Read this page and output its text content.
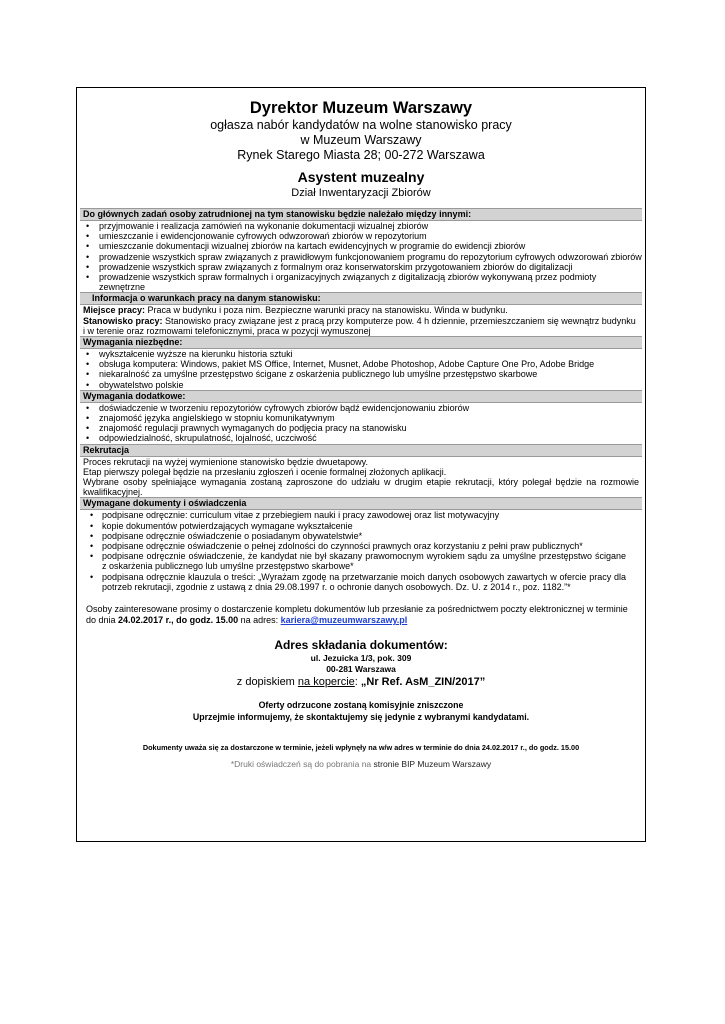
Dyrektor Muzeum Warszawy
ogłasza nabór kandydatów na wolne stanowisko pracy
w Muzeum Warszawy
Rynek Starego Miasta 28; 00-272 Warszawa
Asystent muzealny
Dział Inwentaryzacji Zbiorów
Do głównych zadań osoby zatrudnionej na tym stanowisku będzie należało między innymi:
• przyjmowanie i realizacja zamówień na wykonanie dokumentacji wizualnej zbiorów
• umieszczanie i ewidencjonowanie cyfrowych odwzorowań zbiorów w repozytorium
• umieszczanie dokumentacji wizualnej zbiorów na kartach ewidencyjnych w programie do ewidencji zbiorów
• prowadzenie wszystkich spraw związanych z prawidłowym funkcjonowaniem programu do repozytorium cyfrowych odwzorowań zbiorów
• prowadzenie wszystkich spraw związanych z formalnym oraz konserwatorskim przygotowaniem zbiorów do digitalizacji
• prowadzenie wszystkich spraw formalnych i organizacyjnych związanych z digitalizacją zbiorów wykonywaną przez podmioty zewnętrzne
Informacja o warunkach pracy na danym stanowisku:
Miejsce pracy: Praca w budynku i poza nim. Bezpieczne warunki pracy na stanowisku. Winda w budynku.
Stanowisko pracy: Stanowisko pracy związane jest z pracą przy komputerze pow. 4 h dziennie, przemieszczaniem się wewnątrz budynku i w terenie oraz rozmowami telefonicznymi, praca w pozycji wymuszonej
Wymagania niezbędne:
• wykształcenie wyższe na kierunku historia sztuki
• obsługa komputera: Windows, pakiet MS Office, Internet, Musnet, Adobe Photoshop, Adobe Capture One Pro, Adobe Bridge
• niekaralność za umyślne przestępstwo ścigane z oskarżenia publicznego lub umyślne przestępstwo skarbowe
• obywatelstwo polskie
Wymagania dodatkowe:
• doświadczenie w tworzeniu repozytoriów cyfrowych zbiorów bądź ewidencjonowaniu zbiorów
• znajomość języka angielskiego w stopniu komunikatywnym
• znajomość regulacji prawnych wymaganych do podjęcia pracy na stanowisku
• odpowiedzialność, skrupulatność, lojalność, uczciwość
Rekrutacja
Proces rekrutacji na wyżej wymienione stanowisko będzie dwuetapowy.
Etap pierwszy polegał będzie na przesłaniu zgłoszeń i ocenie formalnej złożonych aplikacji.
Wybrane osoby spełniające wymagania zostaną zaproszone do udziału w drugim etapie rekrutacji, który polegał będzie na rozmowie kwalifikacyjnej.
Wymagane dokumenty i oświadczenia
• podpisane odręcznie: curriculum vitae z przebiegiem nauki i pracy zawodowej oraz list motywacyjny
• kopie dokumentów potwierdzających wymagane wykształcenie
• podpisane odręcznie oświadczenie o posiadanym obywatelstwie*
• podpisane odręcznie oświadczenie o pełnej zdolności do czynności prawnych oraz korzystaniu z pełni praw publicznych*
• podpisane odręcznie oświadczenie, że kandydat nie był skazany prawomocnym wyrokiem sądu za umyślne przestępstwo ścigane z oskarżenia publicznego lub umyślne przestępstwo skarbowe*
• podpisana odręcznie klauzula o treści: „Wyrażam zgodę na przetwarzanie moich danych osobowych zawartych w ofercie pracy dla potrzeb rekrutacji, zgodnie z ustawą z dnia 29.08.1997 r. o ochronie danych osobowych. Dz. U. z 2014 r., poz. 1182.”*
Osoby zainteresowane prosimy o dostarczenie kompletu dokumentów lub przesłanie za pośrednictwem poczty elektronicznej w terminie do dnia 24.02.2017 r., do godz. 15.00 na adres: kariera@muzeumwarszawy.pl
Adres składania dokumentów:
ul. Jezuicka 1/3, pok. 309
00-281 Warszawa
z dopiskiem na kopercie: „Nr Ref. AsM_ZIN/2017”
Oferty odrzucone zostaną komisyjnie zniszczone
Uprzejmie informujemy, że skontaktujemy się jedynie z wybranymi kandydatami.
Dokumenty uważa się za dostarczone w terminie, jeżeli wpłynęły na w/w adres w terminie do dnia 24.02.2017 r., do godz. 15.00
*Druki oświadczeń są do pobrania na stronie BIP Muzeum Warszawy
